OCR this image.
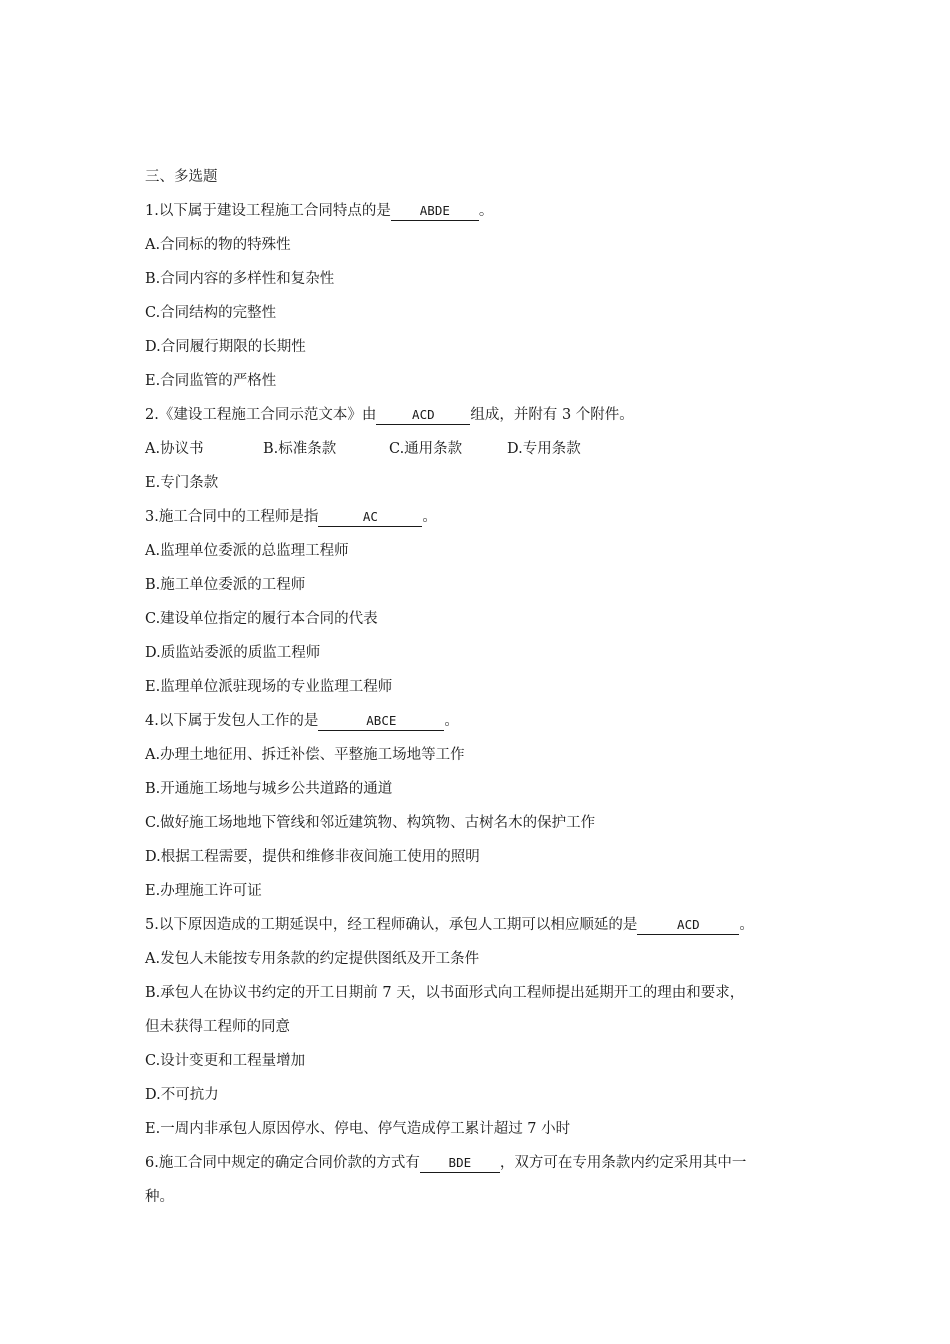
三、多选题
1.以下属于建设工程施工合同特点的是 ABDE 。
A.合同标的物的特殊性
B.合同内容的多样性和复杂性
C.合同结构的完整性
D.合同履行期限的长期性
E.合同监管的严格性
2.《建设工程施工合同示范文本》由	ACD 组成，并附有 3 个附件。
A.协议书	B.标准条款	C.通用条款	D.专用条款
E.专门条款
3.施工合同中的工程师是指	AC	。
A.监理单位委派的总监理工程师
B.施工单位委派的工程师
C.建设单位指定的履行本合同的代表
D.质监站委派的质监工程师
E.监理单位派驻现场的专业监理工程师
4.以下属于发包人工作的是	ABCE	。
A.办理土地征用、拆迁补偿、平整施工场地等工作
B.开通施工场地与城乡公共道路的通道
C.做好施工场地地下管线和邻近建筑物、构筑物、古树名木的保护工作
D.根据工程需要，提供和维修非夜间施工使用的照明
E.办理施工许可证
5.以下原因造成的工期延误中，经工程师确认，承包人工期可以相应顺延的是	ACD	。
A.发包人未能按专用条款的约定提供图纸及开工条件
B.承包人在协议书约定的开工日期前 7 天，以书面形式向工程师提出延期开工的理由和要求，
但未获得工程师的同意
C.设计变更和工程量增加
D.不可抗力
E.一周内非承包人原因停水、停电、停气造成停工累计超过 7 小时
6.施工合同中规定的确定合同价款的方式有 BDE ，双方可在专用条款内约定采用其中一
种。
